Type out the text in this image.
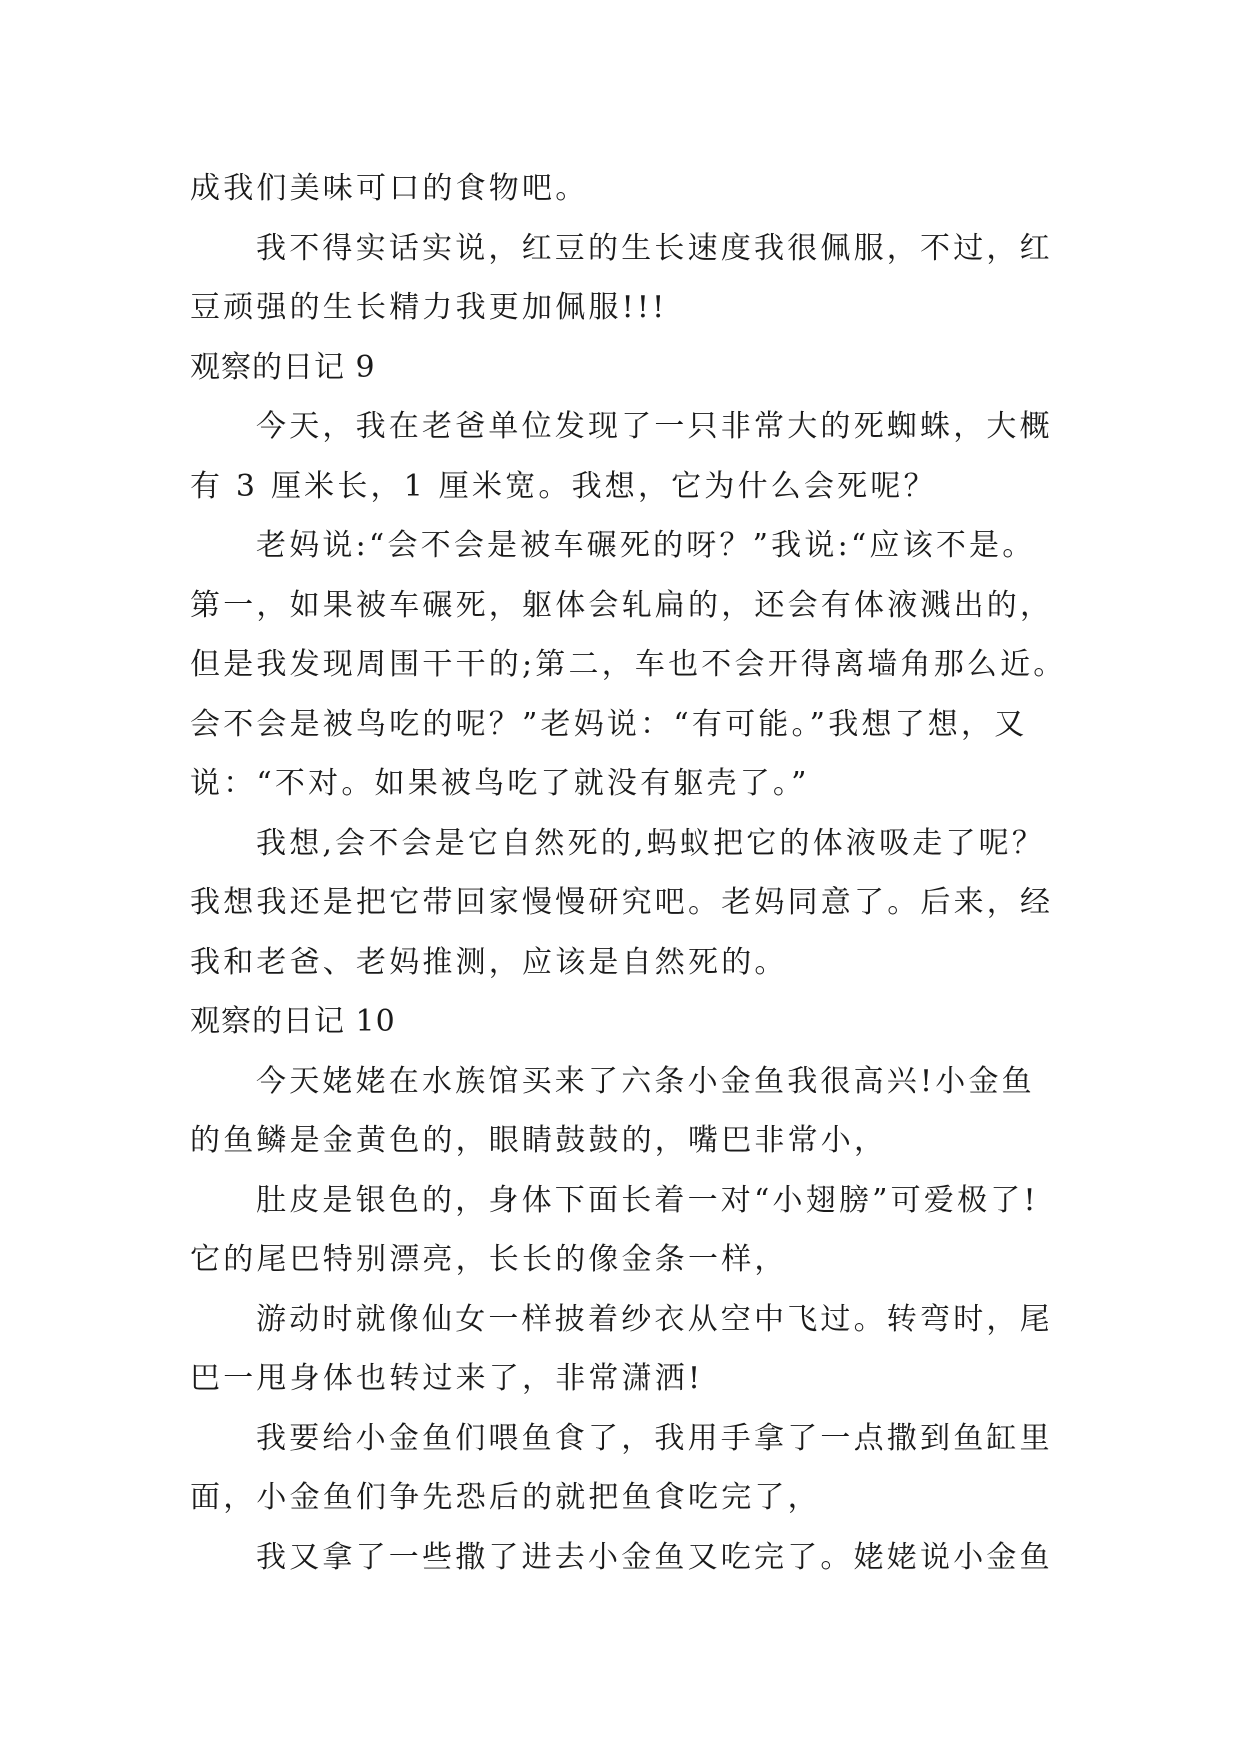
成我们美味可口的食物吧。
我不得实话实说，红豆的生长速度我很佩服，不过，红
豆顽强的生长精力我更加佩服!!!
观察的日记 9
今天，我在老爸单位发现了一只非常大的死蜘蛛，大概
有 3 厘米长，1 厘米宽。我想，它为什么会死呢？
老妈说:“会不会是被车碾死的呀？”我说:“应该不是。
第一，如果被车碾死，躯体会轧扁的，还会有体液溅出的，
但是我发现周围干干的;第二，车也不会开得离墙角那么近。
会不会是被鸟吃的呢？”老妈说：“有可能。”我想了想，又
说：“不对。如果被鸟吃了就没有躯壳了。”
我想,会不会是它自然死的,蚂蚁把它的体液吸走了呢？
我想我还是把它带回家慢慢研究吧。老妈同意了。后来，经
我和老爸、老妈推测，应该是自然死的。
观察的日记 10
今天姥姥在水族馆买来了六条小金鱼我很高兴!小金鱼
的鱼鳞是金黄色的，眼睛鼓鼓的，嘴巴非常小，
肚皮是银色的，身体下面长着一对“小翅膀”可爱极了!
它的尾巴特别漂亮，长长的像金条一样，
游动时就像仙女一样披着纱衣从空中飞过。转弯时，尾
巴一甩身体也转过来了，非常潇洒!
我要给小金鱼们喂鱼食了，我用手拿了一点撒到鱼缸里
面，小金鱼们争先恐后的就把鱼食吃完了，
我又拿了一些撒了进去小金鱼又吃完了。姥姥说小金鱼
